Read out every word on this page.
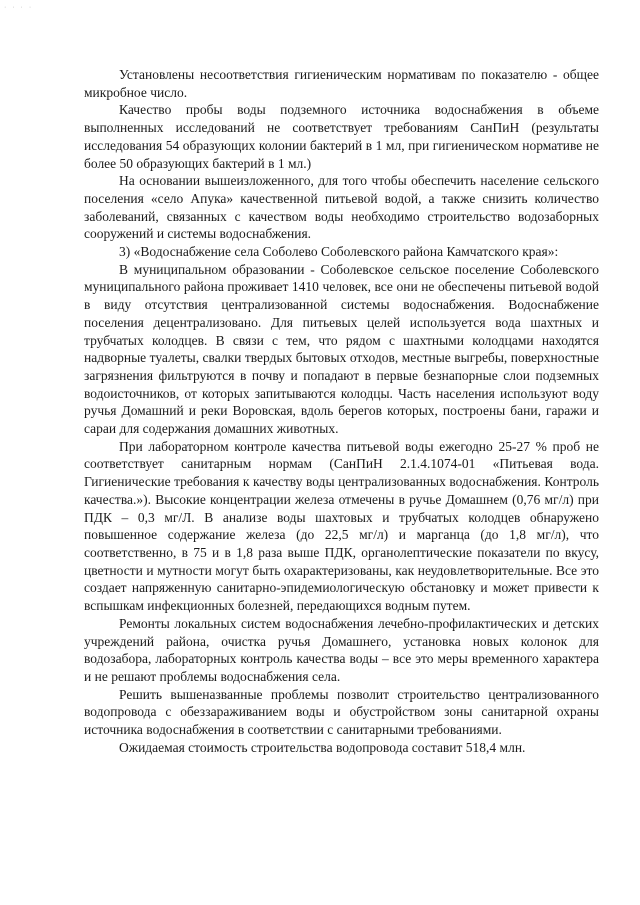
· · · ·

Установлены несоответствия гигиеническим нормативам по показателю - общее микробное число.

Качество пробы воды подземного источника водоснабжения в объеме выполненных исследований не соответствует требованиям СанПиН (результаты исследования 54 образующих колонии бактерий в 1 мл, при гигиеническом нормативе не более 50 образующих бактерий в 1 мл.)

На основании вышеизложенного, для того чтобы обеспечить население сельского поселения «село Апука» качественной питьевой водой, а также снизить количество заболеваний, связанных с качеством воды необходимо строительство водозаборных сооружений и системы водоснабжения.

3) «Водоснабжение села Соболево Соболевского района Камчатского края»:

В муниципальном образовании - Соболевское сельское поселение Соболевского муниципального района проживает 1410 человек, все они не обеспечены питьевой водой в виду отсутствия централизованной системы водоснабжения. Водоснабжение поселения децентрализовано. Для питьевых целей используется вода шахтных и трубчатых колодцев. В связи с тем, что рядом с шахтными колодцами находятся надворные туалеты, свалки твердых бытовых отходов, местные выгребы, поверхностные загрязнения фильтруются в почву и попадают в первые безнапорные слои подземных водоисточников, от которых запитываются колодцы. Часть населения используют воду ручья Домашний и реки Воровская, вдоль берегов которых, построены бани, гаражи и сараи для содержания домашних животных.

При лабораторном контроле качества питьевой воды ежегодно 25-27 % проб не соответствует санитарным нормам (СанПиН 2.1.4.1074-01 «Питьевая вода. Гигиенические требования к качеству воды централизованных водоснабжения. Контроль качества.»). Высокие концентрации железа отмечены в ручье Домашнем (0,76 мг/л) при ПДК – 0,3 мг/Л. В анализе воды шахтовых и трубчатых колодцев обнаружено повышенное содержание железа (до 22,5 мг/л) и марганца (до 1,8 мг/л), что соответственно, в 75 и в 1,8 раза выше ПДК, органолептические показатели по вкусу, цветности и мутности могут быть охарактеризованы, как неудовлетворительные. Все это создает напряженную санитарно-эпидемиологическую обстановку и может привести к вспышкам инфекционных болезней, передающихся водным путем.

Ремонты локальных систем водоснабжения лечебно-профилактических и детских учреждений района, очистка ручья Домашнего, установка новых колонок для водозабора, лабораторных контроль качества воды – все это меры временного характера и не решают проблемы водоснабжения села.

Решить вышеназванные проблемы позволит строительство централизованного водопровода с обеззараживанием воды и обустройством зоны санитарной охраны источника водоснабжения в соответствии с санитарными требованиями.

Ожидаемая стоимость строительства водопровода составит 518,4 млн.
